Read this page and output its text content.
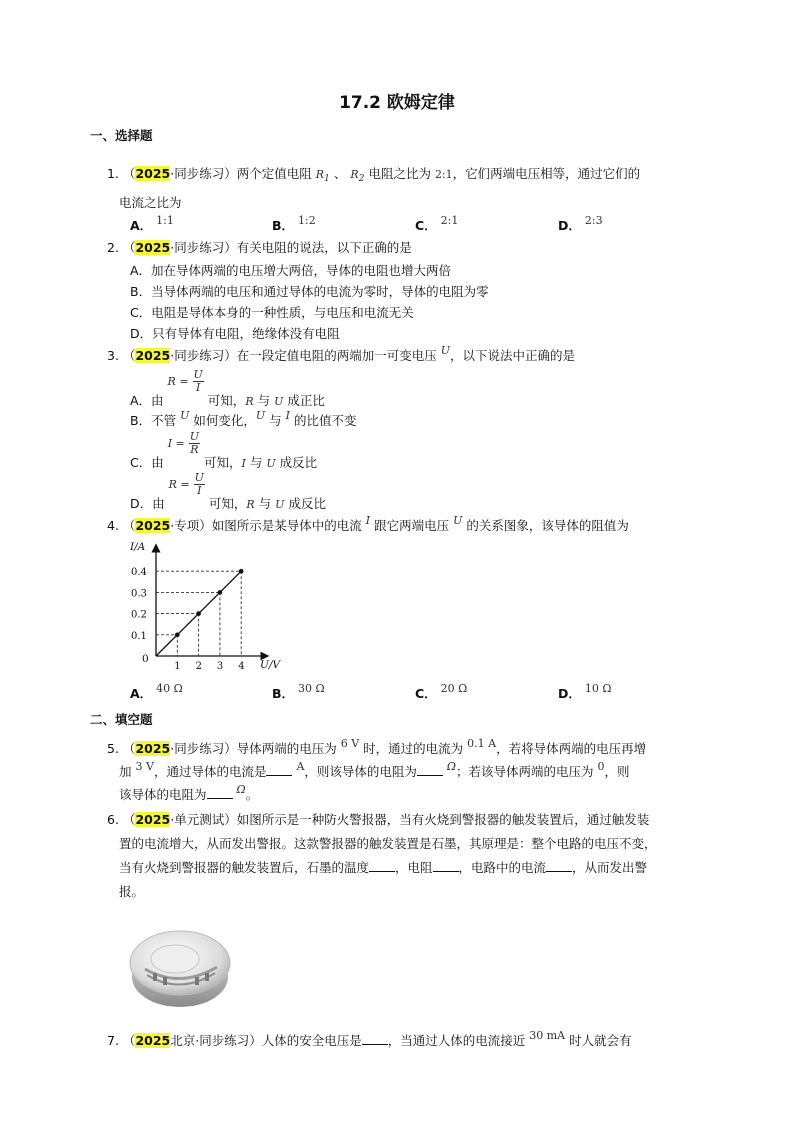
17.2 欧姆定律
一、选择题
1. （2025·同步练习）两个定值电阻 $R_1$ 、 $R_2$ 电阻之比为 2:1，它们两端电压相等，通过它们的
电流之比为
A． 1:1	B． 1:2	C． 2:1	D． 2:3
2. （2025·同步练习）有关电阻的说法，以下正确的是
A．加在导体两端的电压增大两倍，导体的电阻也增大两倍
B．当导体两端的电压和通过导体的电流为零时，导体的电阻为零
C．电阻是导体本身的一种性质，与电压和电流无关
D．只有导体有电阻，绝缘体没有电阻
3. （2025·同步练习）在一段定值电阻的两端加一可变电压 U，以下说法中正确的是
A．由 $R = \frac{U}{I}$
可知，R 与 U 成正比
B．不管 U 如何变化，U 与 I 的比值不变
C．由 $I = \frac{U}{R}$
可知，I 与 U 成反比
D．由 $R = \frac{U}{I}$
可知，R 与 U 成反比
4. （2025·专项）如图所示是某导体中的电流 I 跟它两端电压 U 的关系图象，该导体的阻值为
1 2 3 4
0.1
0.2
0.3
0.4
I/A
U/V
0
A． 40 Ω	B． 30 Ω	C． 20 Ω	D． 10 Ω
二、填空题
5. （2025·同步练习）导体两端的电压为 6 V 时，通过的电流为 0.1 A，若将导体两端的电压再增
加 3 V，通过导体的电流是	A，则该导体的电阻为	Ω；若该导体两端的电压为 0，则
该导体的电阻为	Ω。
6. （2025·单元测试）如图所示是一种防火警报器，当有火烧到警报器的触发装置后，通过触发装
置的电流增大，从而发出警报。这款警报器的触发装置是石墨，其原理是：整个电路的电压不变，
当有火烧到警报器的触发装置后，石墨的温度 ，电阻 ，电路中的电流 ，从而发出警
报。
7. （2025北京·同步练习）人体的安全电压是 ，当通过人体的电流接近 30 mA 时人就会有
